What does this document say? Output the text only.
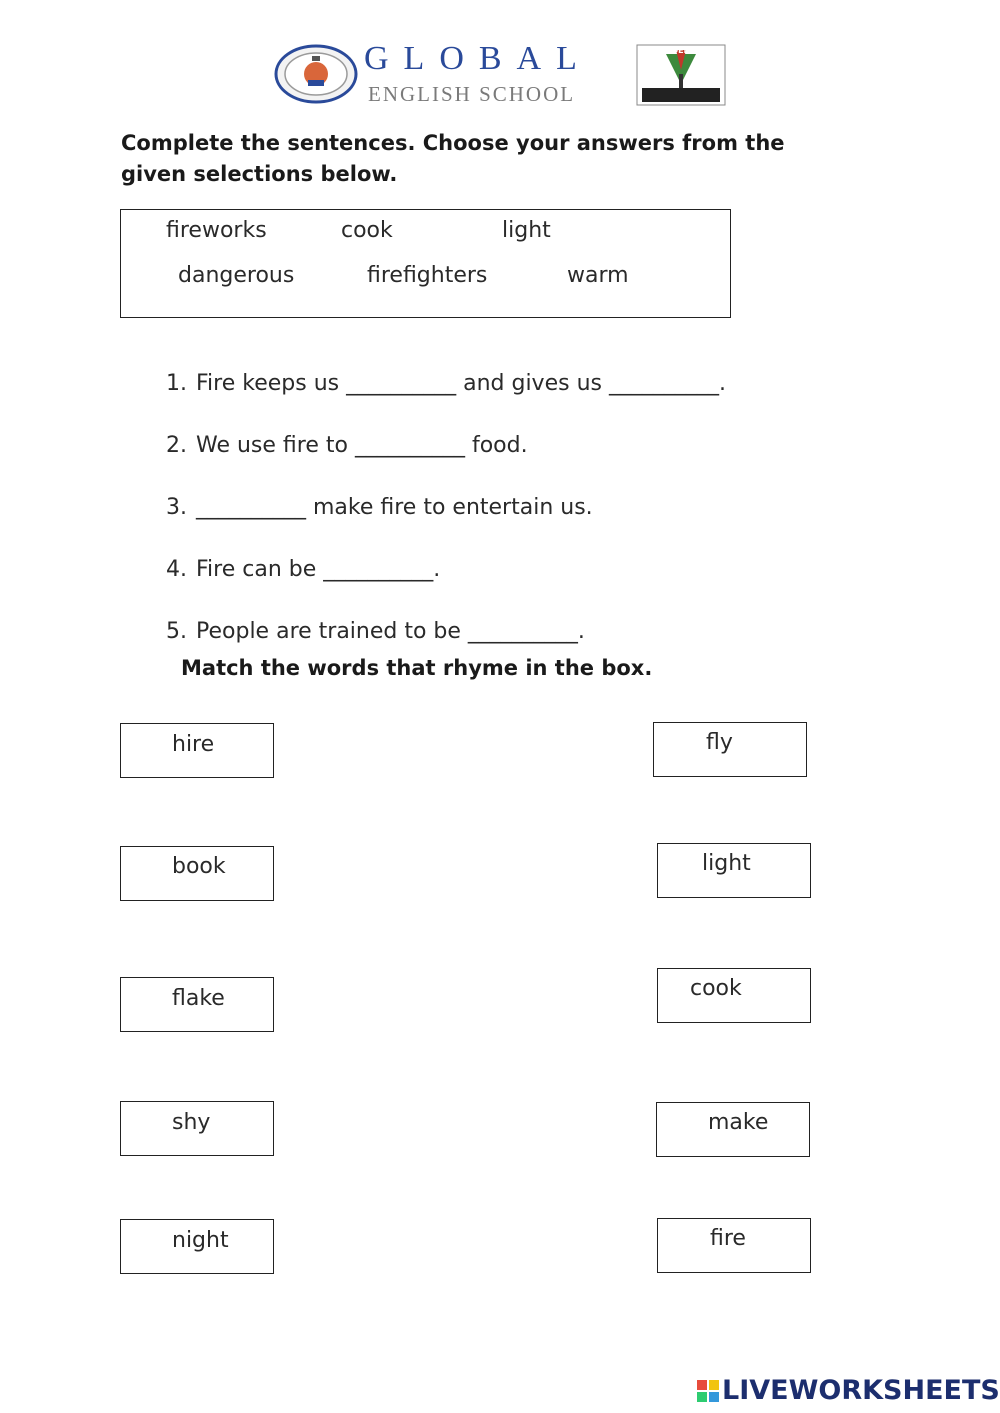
GLOBAL
ENGLISH SCHOOL
MY IDENTITY
Complete the sentences. Choose your answers from the given selections below.
fireworks	cook	light
dangerous	firefighters	warm

1. Fire keeps us __________ and gives us __________.

2. We use fire to __________ food.

3. __________ make fire to entertain us.

4. Fire can be __________.

5. People are trained to be __________.

Match the words that rhyme in the box.
hire
book
flake
shy
night
fly
light
cook
make
fire
LIVEWORKSHEETS
